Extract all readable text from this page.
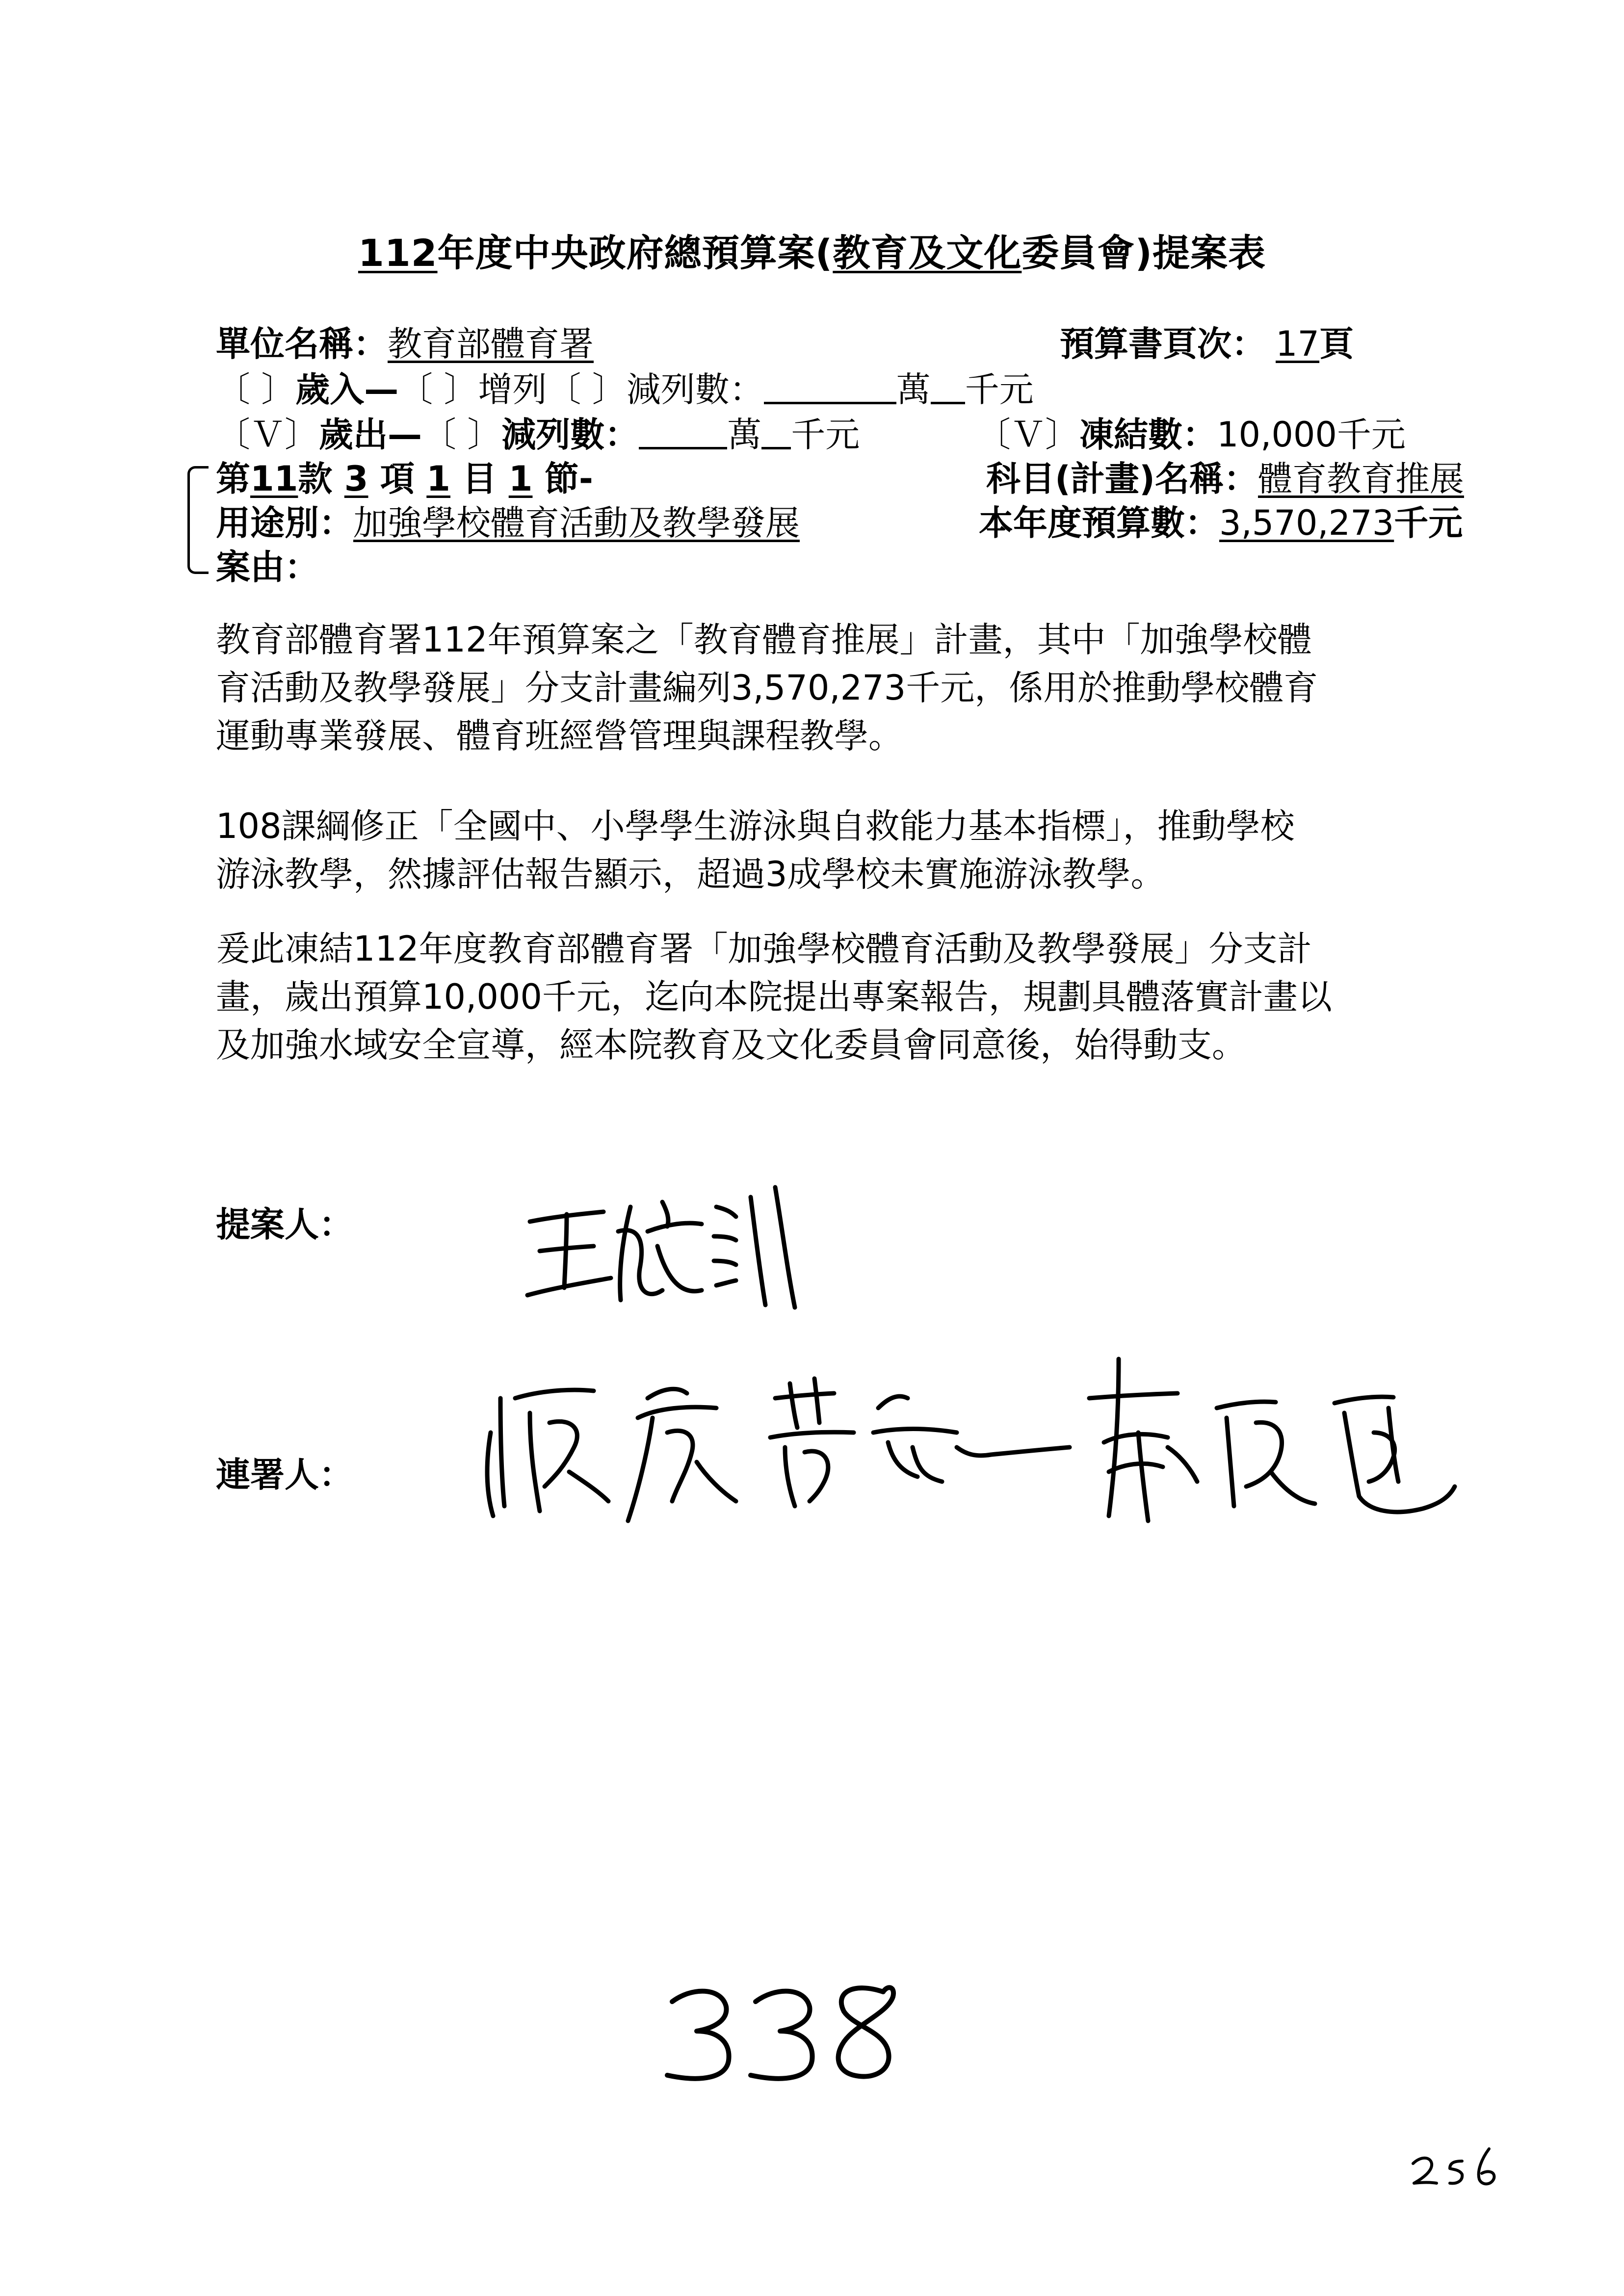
112年度中央政府總預算案(教育及文化委員會)提案表
單位名稱：教育部體育署	預算書頁次： 17頁
〔 〕歲入—〔 〕增列〔 〕減列數：	萬 千元
〔Ｖ〕歲出—〔 〕減列數：	萬 千元	〔Ｖ〕凍結數：10,000千元
第11款 3 項 1 目 1 節-	科目(計畫)名稱：體育教育推展
用途別：加強學校體育活動及教學發展	本年度預算數：3,570,273千元
案由：
教育部體育署112年預算案之「教育體育推展」計畫，其中「加強學校體
育活動及教學發展」分支計畫編列3,570,273千元，係用於推動學校體育
運動專業發展、體育班經營管理與課程教學。
108課綱修正「全國中、小學學生游泳與自救能力基本指標」，推動學校
游泳教學，然據評估報告顯示，超過3成學校未實施游泳教學。
爰此凍結112年度教育部體育署「加強學校體育活動及教學發展」分支計
畫，歲出預算10,000千元，迄向本院提出專案報告，規劃具體落實計畫以
及加強水域安全宣導，經本院教育及文化委員會同意後，始得動支。
提案人：
連署人：
